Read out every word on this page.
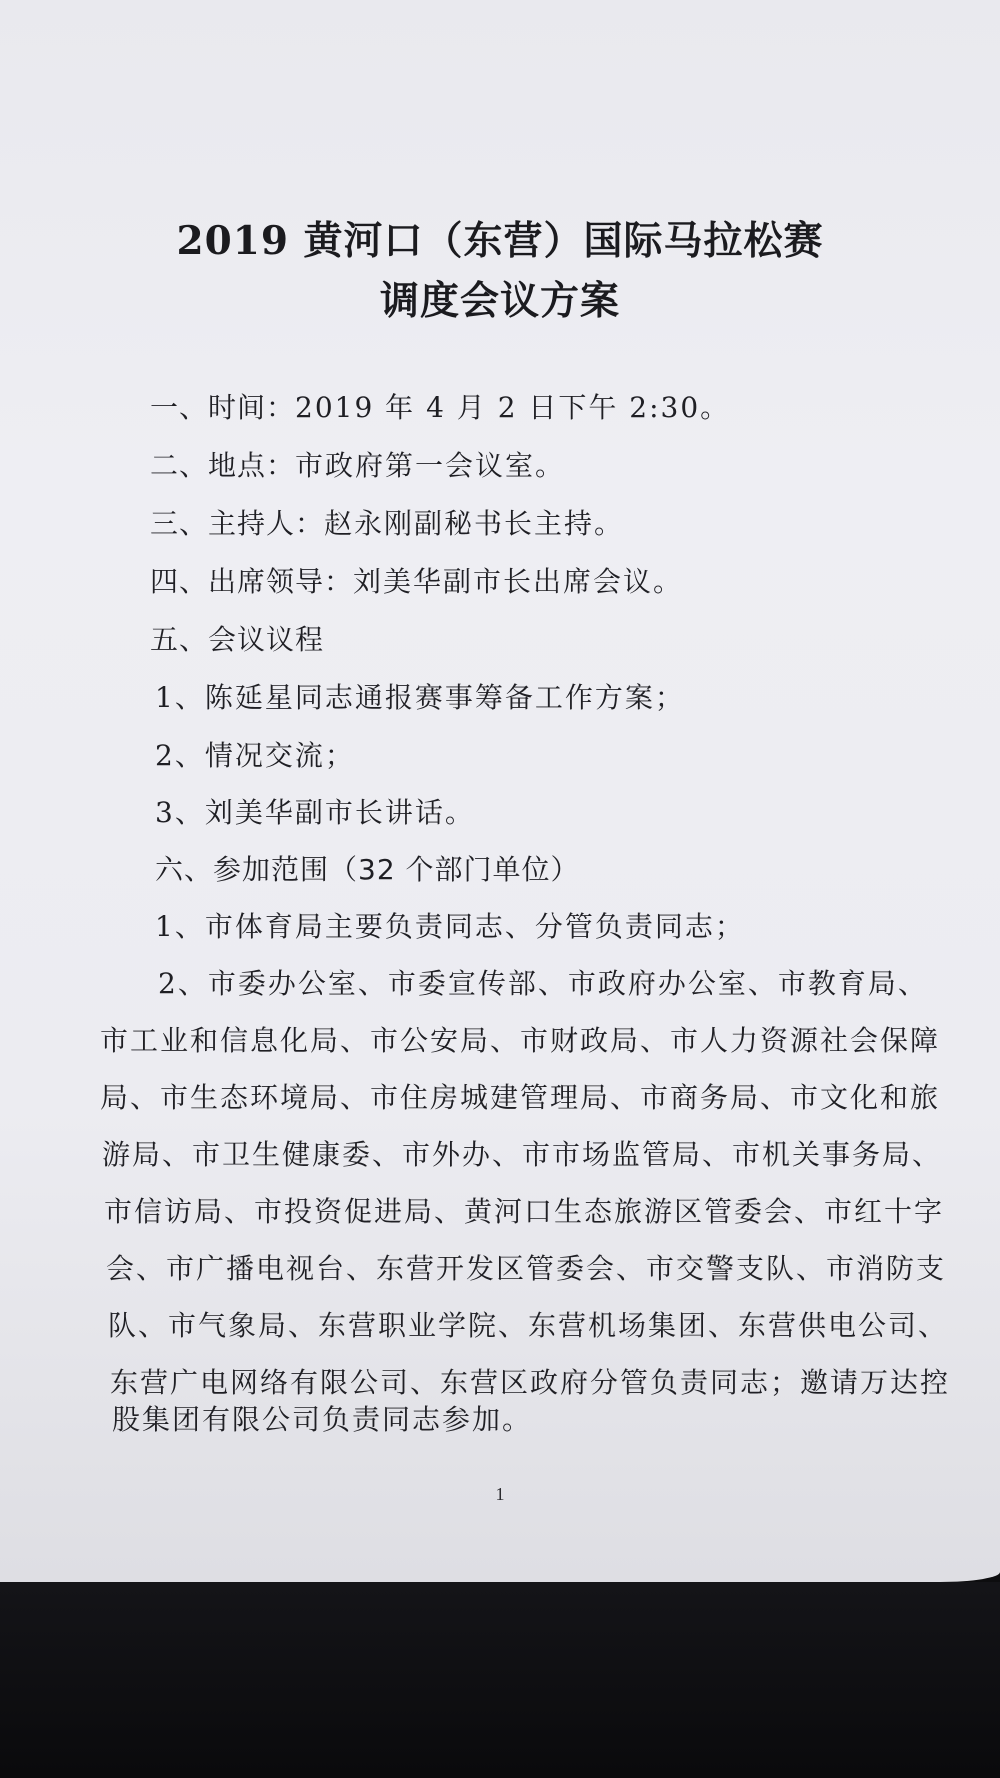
2019 黄河口（东营）国际马拉松赛
调度会议方案
一、时间：2019 年 4 月 2 日下午 2:30。
二、地点：市政府第一会议室。
三、主持人：赵永刚副秘书长主持。
四、出席领导：刘美华副市长出席会议。
五、会议议程
1、陈延星同志通报赛事筹备工作方案；
2、情况交流；
3、刘美华副市长讲话。
六、参加范围（32 个部门单位）
1、市体育局主要负责同志、分管负责同志；
2、市委办公室、市委宣传部、市政府办公室、市教育局、
市工业和信息化局、市公安局、市财政局、市人力资源社会保障
局、市生态环境局、市住房城建管理局、市商务局、市文化和旅
游局、市卫生健康委、市外办、市市场监管局、市机关事务局、
市信访局、市投资促进局、黄河口生态旅游区管委会、市红十字
会、市广播电视台、东营开发区管委会、市交警支队、市消防支
队、市气象局、东营职业学院、东营机场集团、东营供电公司、
东营广电网络有限公司、东营区政府分管负责同志；邀请万达控
股集团有限公司负责同志参加。
1
